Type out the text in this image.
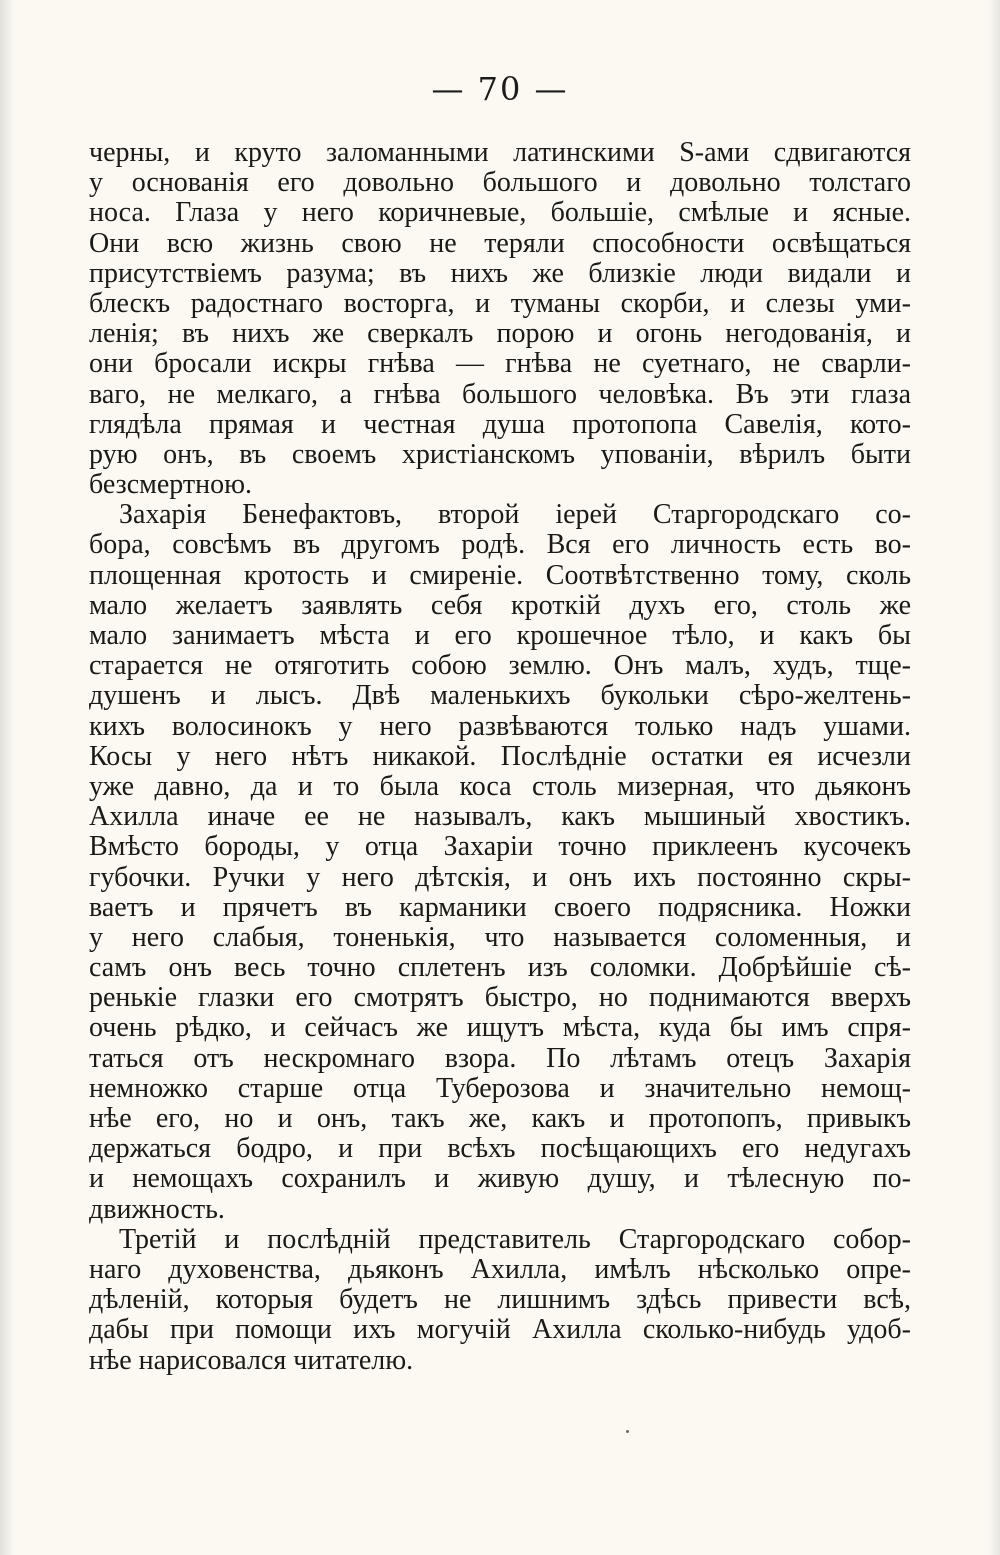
— 70 —
черны, и круто заломанными латинскими S-ами сдвигаются
у основанія его довольно большого и довольно толстаго
носа. Глаза у него коричневые, большіе, смѣлые и ясные.
Они всю жизнь свою не теряли способности освѣщаться
присутствіемъ разума; въ нихъ же близкіе люди видали и
блескъ радостнаго восторга, и туманы скорби, и слезы уми-
ленія; въ нихъ же сверкалъ порою и огонь негодованія, и
они бросали искры гнѣва — гнѣва не суетнаго, не сварли-
ваго, не мелкаго, а гнѣва большого человѣка. Въ эти глаза
глядѣла прямая и честная душа протопопа Савелія, кото-
рую онъ, въ своемъ христіанскомъ упованіи, вѣрилъ быти
безсмертною.
Захарія Бенефактовъ, второй іерей Старгородскаго со-
бора, совсѣмъ въ другомъ родѣ. Вся его личность есть во-
площенная кротость и смиреніе. Соотвѣтственно тому, сколь
мало желаетъ заявлять себя кроткій духъ его, столь же
мало занимаетъ мѣста и его крошечное тѣло, и какъ бы
старается не отяготить собою землю. Онъ малъ, худъ, тще-
душенъ и лысъ. Двѣ маленькихъ букольки сѣро-желтень-
кихъ волосинокъ у него развѣваются только надъ ушами.
Косы у него нѣтъ никакой. Послѣдніе остатки ея исчезли
уже давно, да и то была коса столь мизерная, что дьяконъ
Ахилла иначе ее не называлъ, какъ мышиный хвостикъ.
Вмѣсто бороды, у отца Захаріи точно приклеенъ кусочекъ
губочки. Ручки у него дѣтскія, и онъ ихъ постоянно скры-
ваетъ и прячетъ въ карманики своего подрясника. Ножки
у него слабыя, тоненькія, что называется соломенныя, и
самъ онъ весь точно сплетенъ изъ соломки. Добрѣйшіе сѣ-
ренькіе глазки его смотрятъ быстро, но поднимаются вверхъ
очень рѣдко, и сейчасъ же ищутъ мѣста, куда бы имъ спря-
таться отъ нескромнаго взора. По лѣтамъ отецъ Захарія
немножко старше отца Туберозова и значительно немощ-
нѣе его, но и онъ, такъ же, какъ и протопопъ, привыкъ
держаться бодро, и при всѣхъ посѣщающихъ его недугахъ
и немощахъ сохранилъ и живую душу, и тѣлесную по-
движность.
Третій и послѣдній представитель Старгородскаго собор-
наго духовенства, дьяконъ Ахилла, имѣлъ нѣсколько опре-
дѣленій, которыя будетъ не лишнимъ здѣсь привести всѣ,
дабы при помощи ихъ могучій Ахилла сколько-нибудь удоб-
нѣе нарисовался читателю.
